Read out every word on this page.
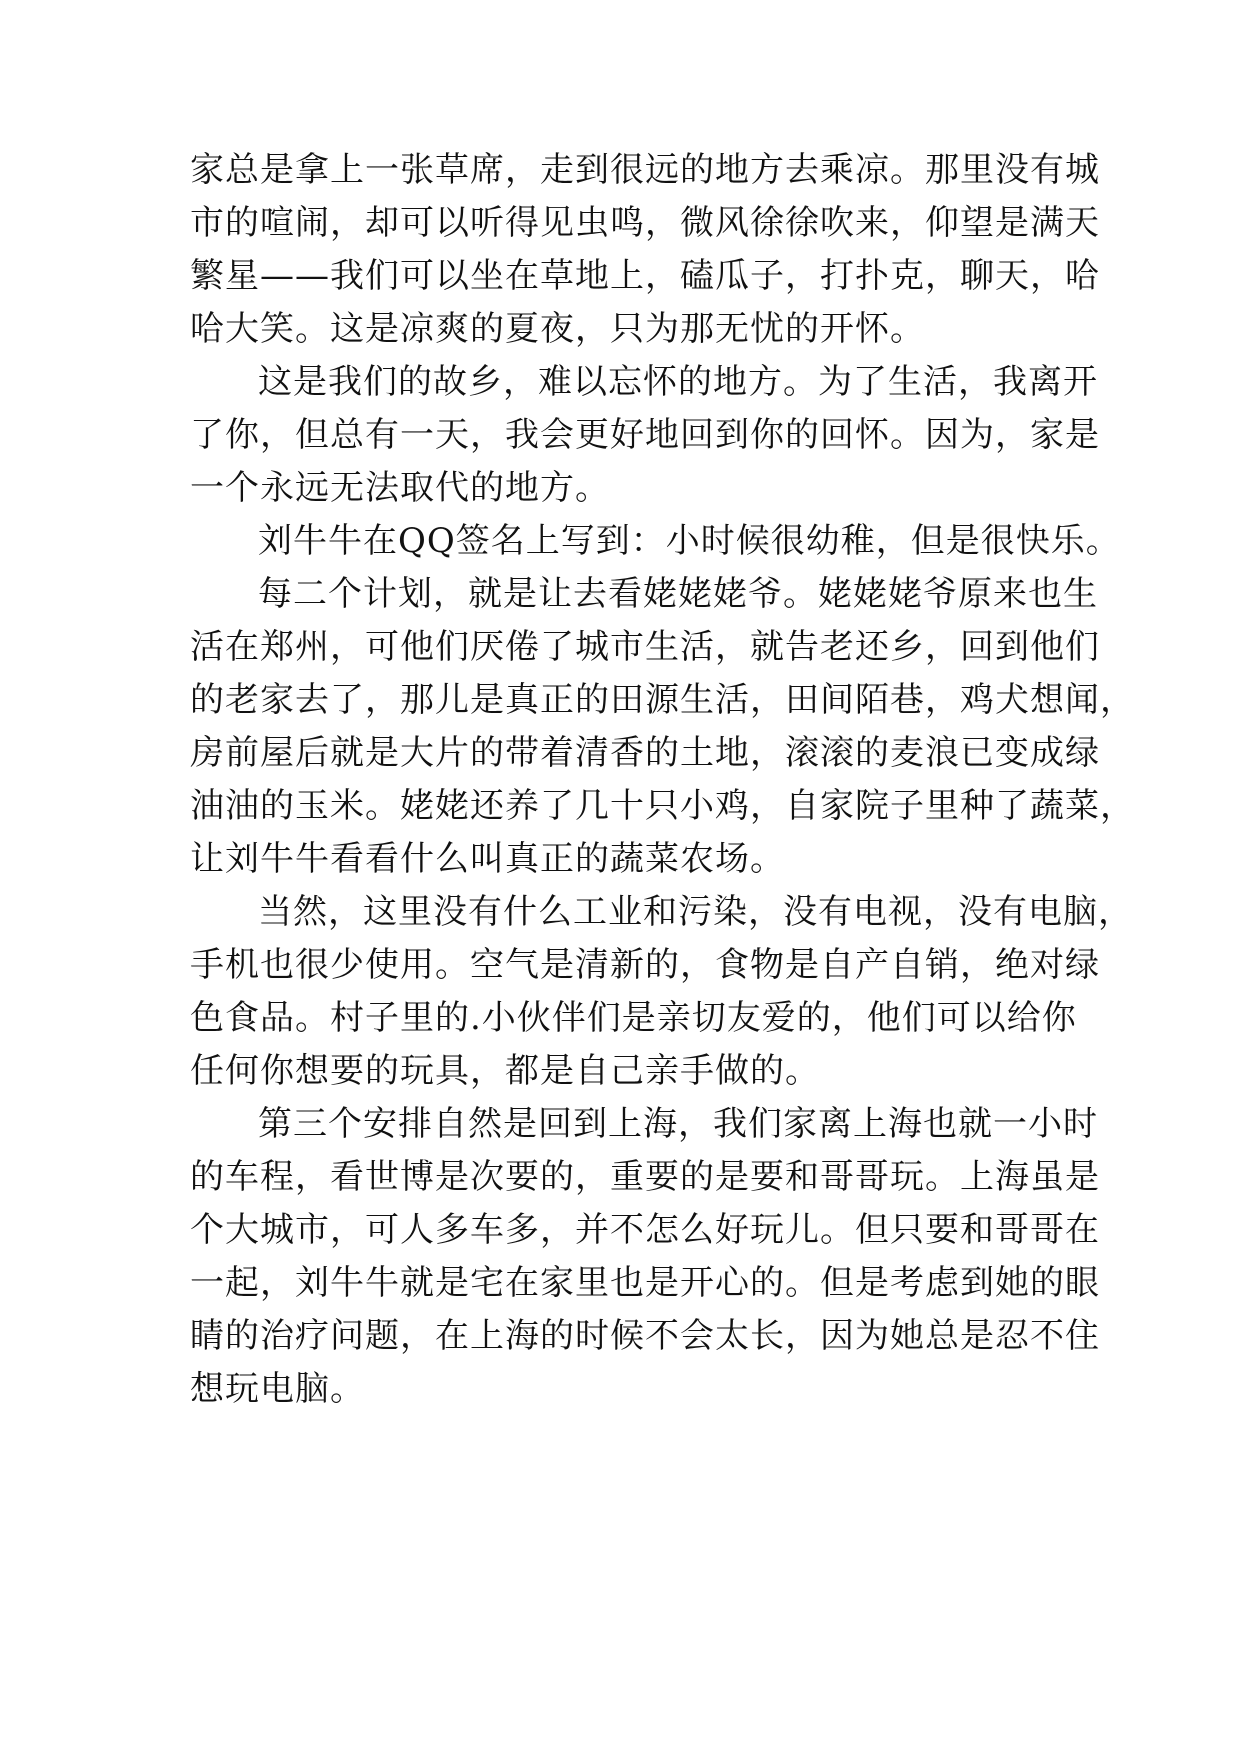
家总是拿上一张草席，走到很远的地方去乘凉。那里没有城
市的喧闹，却可以听得见虫鸣，微风徐徐吹来，仰望是满天
繁星——我们可以坐在草地上，磕瓜子，打扑克，聊天，哈
哈大笑。这是凉爽的夏夜，只为那无忧的开怀。
这是我们的故乡，难以忘怀的地方。为了生活，我离开
了你，但总有一天，我会更好地回到你的回怀。因为，家是
一个永远无法取代的地方。
刘牛牛在QQ签名上写到：小时候很幼稚，但是很快乐。
每二个计划，就是让去看姥姥姥爷。姥姥姥爷原来也生
活在郑州，可他们厌倦了城市生活，就告老还乡，回到他们
的老家去了，那儿是真正的田源生活，田间陌巷，鸡犬想闻，
房前屋后就是大片的带着清香的土地，滚滚的麦浪已变成绿
油油的玉米。姥姥还养了几十只小鸡，自家院子里种了蔬菜，
让刘牛牛看看什么叫真正的蔬菜农场。
当然，这里没有什么工业和污染，没有电视，没有电脑，
手机也很少使用。空气是清新的，食物是自产自销，绝对绿
色食品。村子里的.小伙伴们是亲切友爱的，他们可以给你
任何你想要的玩具，都是自己亲手做的。
第三个安排自然是回到上海，我们家离上海也就一小时
的车程，看世博是次要的，重要的是要和哥哥玩。上海虽是
个大城市，可人多车多，并不怎么好玩儿。但只要和哥哥在
一起，刘牛牛就是宅在家里也是开心的。但是考虑到她的眼
睛的治疗问题，在上海的时候不会太长，因为她总是忍不住
想玩电脑。
